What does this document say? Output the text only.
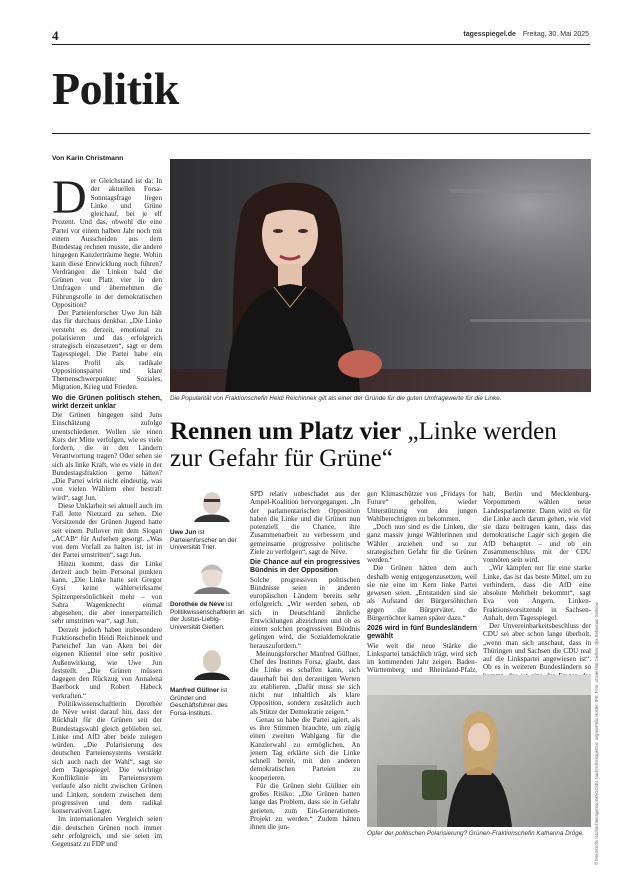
4	tagesspiegel.de Freitag, 30. Mai 2025
Politik
Von Karin Christmann
Die Popularität von Fraktionschefin Heidi Reichinnek gilt als einer der Gründe für die guten Umfragewerte für die Linke.
Rennen um Platz vier „Linke werden zur Gefahr für Grüne“

Der Gleichstand ist da: In der aktuellen Forsa-Sonntagsfrage liegen Linke und Grüne gleichauf, bei je elf Prozent. Und das, obwohl die eine Partei vor einem halben Jahr noch mit einem Ausscheiden aus dem Bundestag rechnen musste, die andere hingegen Kanzlerträume hegte. Wohin kann diese Entwicklung noch führen? Verdrängen die Linken bald die Grünen von Platz vier in den Umfragen und übernehmen die Führungsrolle in der demokratischen Opposition?

Der Parteienforscher Uwe Jun hält das für durchaus denkbar. „Die Linke versteht es derzeit, emotional zu polarisieren und das erfolgreich strategisch einzusetzen“, sagt er dem Tagesspiegel. Die Partei habe ein klares Profil als radikale Oppositionspartei und klare Themenschwerpunkte: Soziales, Migration, Krieg und Frieden.

Wo die Grünen politisch stehen, wirkt derzeit unklar

Die Grünen hingegen sind Juns Einschätzung zufolge unentschiedener. Wollen sie einen Kurs der Mitte verfolgen, wie es viele fordern, die in den Ländern Verantwortung tragen? Oder sehen sie sich als linke Kraft, wie es viele in der Bundestagsfraktion gerne hätten? „Die Partei wirkt nicht eindeutig, was von vielen Wählern eher bestraft wird“, sagt Jun.

Diese Unklarheit sei aktuell auch im Fall Jette Nietzard zu sehen. Die Vorsitzende der Grünen Jugend hatte seit einem Pullover mit dem Slogan „ACAB“ für Aufsehen gesorgt. „Was von dem Vorfall zu halten ist, ist in der Partei umstritten“, sagt Jun.

Hinzu kommt, dass die Linke derzeit auch beim Personal punkten kann. „Die Linke hatte seit Gregor Gysi keine wählerwirksame Spitzenpersönlichkeit mehr – von Sahra Wagenknecht einmal abgesehen, die aber innerparteilich sehr umstritten war“, sagt Jun.

Derzeit jedoch haben insbesondere Fraktionschefin Heidi Reichinnek und Parteichef Jan van Aken bei der eigenen Klientel eine sehr positive Außenwirkung, wie Uwe Jun feststellt. „Die Grünen müssen dagegen den Rückzug von Annalena Baerbock und Robert Habeck verkraften.“

Politikwissenschaftlerin Dorothée de Nève weist darauf hin, dass der Rückhalt für die Grünen seit der Bundestagswahl gleich geblieben sei, Linke und AfD aber beide zulegen würden. „Die Polarisierung des deutschen Parteiensystems verstärkt sich auch nach der Wahl“, sagt sie dem Tagesspiegel. Die wichtige Konfliktlinie im Parteiensystem verlaufe also nicht zwischen Grünen und Linken, sondern zwischen dem progressiven und dem radikal konservativen Lager.

Im internationalen Vergleich seien die deutschen Grünen noch immer sehr erfolgreich, und sie seien im Gegensatz zu FDP und

Uwe Jun ist Parteienforscher an der Universität Trier.
Dorothée de Nève ist Politikwissenschaftlerin an der Justus-Liebig-Universität Gießen.
Manfred Güllner ist Gründer und Geschäftsführer des Forsa-Instituts.

SPD relativ unbeschadet aus der Ampel-Koalition hervorgegangen. „In der parlamentarischen Opposition haben die Linke und die Grünen nun potenziell die Chance, ihre Zusammenarbeit zu verbessern und gemeinsame progressive politische Ziele zu verfolgen“, sagt de Nève.

Die Chance auf ein progressives Bündnis in der Opposition

Solche progressiven politischen Bündnisse seien in anderen europäischen Ländern bereits sehr erfolgreich. „Wir werden sehen, ob sich in Deutschland ähnliche Entwicklungen abzeichnen und ob es einem solchen progressiven Bündnis gelingen wird, die Sozialdemokratie herauszufordern.“

Meinungsforscher Manfred Güllner, Chef des Instituts Forsa, glaubt, dass die Linke es schaffen kann, sich dauerhaft bei den derzeitigen Werten zu etablieren. „Dafür muss sie sich nicht nur inhaltlich als klare Opposition, sondern zusätzlich auch als Stütze der Demokratie zeigen.“

Genau so habe die Partei agiert, als es ihre Stimmen brauchte, um zügig einen zweiten Wahlgang für die Kanzlerwahl zu ermöglichen. An jenem Tag erklärte sich die Linke schnell bereit, mit den anderen demokratischen Parteien zu kooperieren.

Für die Grünen sieht Güllner ein großes Risiko: „Die Grünen hatten lange das Problem, dass sie in Gefahr gerieten, zum Ein-Generationen-Projekt zu werden.“ Zudem hätten ihnen die jun-

gen Klimaschützer von „Fridays for Future“ geholfen, wieder Unterstützung von den jungen Wahlberechtigten zu bekommen.

„Doch nun sind es die Linken, die ganz massiv junge Wählerinnen und Wähler anziehen und so zur strategischen Gefahr für die Grünen werden.“

Die Grünen hätten dem auch deshalb wenig entgegenzusetzen, weil sie nie eine im Kern linke Partei gewesen seien. „Entstanden sind sie als Aufstand der Bürgersöhnchen gegen die Bürgerväter, die Bürgertöchter kamen später dazu.“

2026 wird in fünf Bundesländern gewählt

Wie weit die neue Stärke die Linkspartei tatsächlich trägt, wird sich im kommenden Jahr zeigen. Baden-Württemberg und Rheinland-Pfalz,

halt, Berlin und Mecklenburg-Vorpommern wählen neue Landesparlamente. Dann wird es für die Linke auch darum gehen, wie viel sie dazu beitragen kann, dass das demokratische Lager sich gegen die AfD behauptet – und ob ein Zusammenschluss mit der CDU vonnöten sein wird.

„Wir kämpfen nur für eine starke Linke, das ist das beste Mittel, um zu verhindern, dass die AfD eine absolute Mehrheit bekommt“, sagt Eva von Angern, Linken-Fraktionsvorsitzende in Sachsen-Anhalt, dem Tagesspiegel.

Der Unvereinbarkeitsbeschluss der CDU sei aber schon lange überholt, „wenn man sich anschaut, dass in Thüringen und Sachsen die CDU real auf die Linkspartei angewiesen ist“. Ob es in weiteren Bundesländern so

Opfer der politischen Polarisierung? Grünen-Fraktionschefin Katharina Dröge.	© IMAGO/dts Nachrichtenagentur/IMAGO/dts Nachrichtenagentur; avgars/Felix Hüsler; IPE; Foto: Universität Gießen; dpa Sebastian Gollnow
